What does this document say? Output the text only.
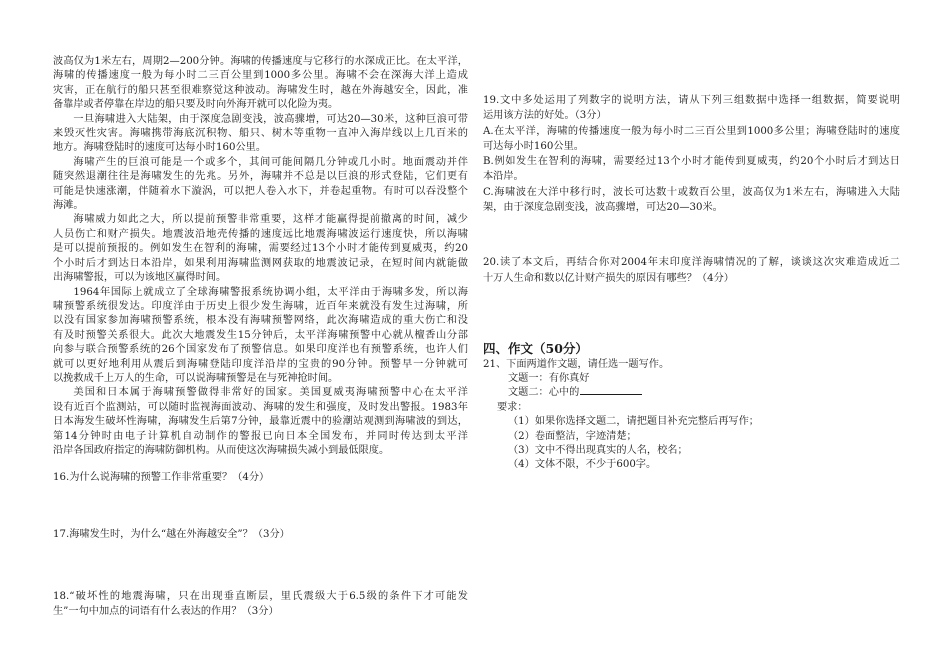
波高仅为1米左右，周期2—200分钟。海啸的传播速度与它移行的水深成正比。在太平洋，
海啸的传播速度一般为每小时二三百公里到1000多公里。海啸不会在深海大洋上造成
灾害，正在航行的船只甚至很难察觉这种波动。海啸发生时，越在外海越安全，因此，准
备靠岸或者停靠在岸边的船只要及时向外海开就可以化险为夷。
一旦海啸进入大陆架，由于深度急剧变浅，波高骤增，可达20—30米，这种巨浪可带
来毁灭性灾害。海啸携带海底沉积物、船只、树木等重物一直冲入海岸线以上几百米的
地方。海啸登陆时的速度可达每小时160公里。
海啸产生的巨浪可能是一个或多个，其间可能间隔几分钟或几小时。地面震动并伴
随突然退潮往往是海啸发生的先兆。另外，海啸并不总是以巨浪的形式登陆，它们更有
可能是快速涨潮，伴随着水下漩涡，可以把人卷入水下，并卷起重物。有时可以吞没整个
海滩。
海啸威力如此之大，所以提前预警非常重要，这样才能赢得提前撤离的时间，减少
人员伤亡和财产损失。地震波沿地壳传播的速度远比地震海啸波运行速度快，所以海啸
是可以提前预报的。例如发生在智利的海啸，需要经过13个小时才能传到夏威夷，约20
个小时后才到达日本沿岸，如果利用海啸监测网获取的地震波记录，在短时间内就能做
出海啸警报，可以为该地区赢得时间。
1964年国际上就成立了全球海啸警报系统协调小组，太平洋由于海啸多发，所以海
啸预警系统很发达。印度洋由于历史上很少发生海啸，近百年来就没有发生过海啸，所
以没有国家参加海啸预警系统，根本没有海啸预警网络，此次海啸造成的重大伤亡和没
有及时预警关系很大。此次大地震发生15分钟后，太平洋海啸预警中心就从檀香山分部
向参与联合预警系统的26个国家发布了预警信息。如果印度洋也有预警系统，也许人们
就可以更好地利用从震后到海啸登陆印度洋沿岸的宝贵的90分钟。预警早一分钟就可
以挽救成千上万人的生命，可以说海啸预警是在与死神抢时间。
美国和日本属于海啸预警做得非常好的国家。美国夏威夷海啸预警中心在太平洋
设有近百个监测站，可以随时监视海面波动、海啸的发生和强度，及时发出警报。1983年
日本海发生破坏性海啸，海啸发生后第7分钟，最靠近震中的验潮站观测到海啸波的到达，
第14分钟时由电子计算机自动制作的警报已向日本全国发布，并同时传达到太平洋
沿岸各国政府指定的海啸防御机构。从而使这次海啸损失减小到最低限度。
16.为什么说海啸的预警工作非常重要？（4分）
17.海啸发生时，为什么“越在外海越安全”？（3分）
18.“破坏性的地震海啸，只在出现垂直断层，里氏震级大于6.5级的条件下才可能发
生”一句中加点的词语有什么表达的作用？（3分）
19.文中多处运用了列数字的说明方法，请从下列三组数据中选择一组数据，简要说明
运用该方法的好处。（3分）
A.在太平洋，海啸的传播速度一般为每小时二三百公里到1000多公里；海啸登陆时的速度
可达每小时160公里。
B.例如发生在智利的海啸，需要经过13个小时才能传到夏威夷，约20个小时后才到达日
本沿岸。
C.海啸波在大洋中移行时，波长可达数十或数百公里，波高仅为1米左右，海啸进入大陆
架，由于深度急剧变浅，波高骤增，可达20—30米。
20.读了本文后，再结合你对2004年末印度洋海啸情况的了解，谈谈这次灾难造成近二
十万人生命和数以亿计财产损失的原因有哪些？（4分）
四、作文（50分）
21、下面两道作文题，请任选一题写作。
文题一：有你真好
文题二：心中的
要求：
（1）如果你选择文题二，请把题目补充完整后再写作；
（2）卷面整洁，字迹清楚；
（3）文中不得出现真实的人名，校名；
（4）文体不限，不少于600字。
